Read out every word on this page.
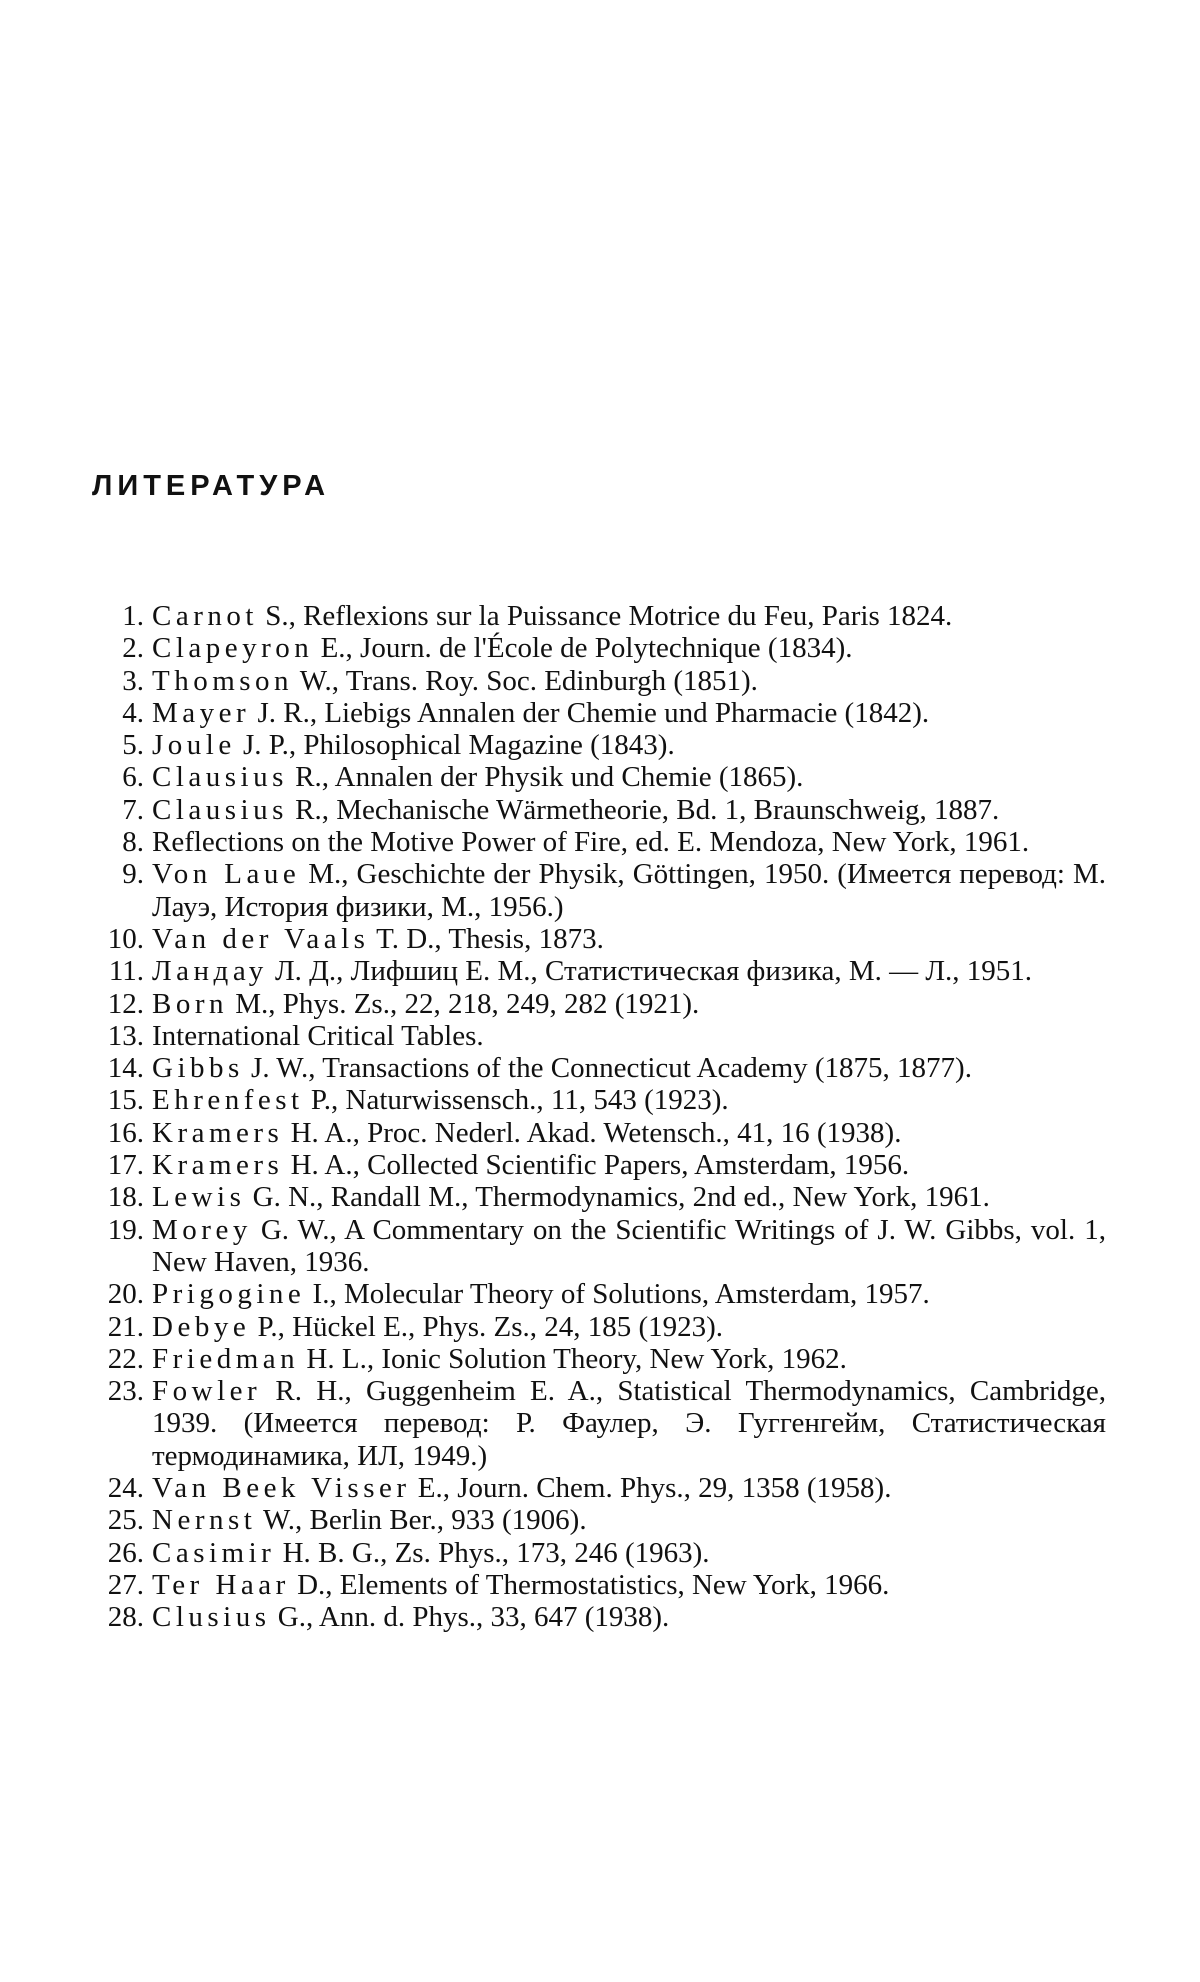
ЛИТЕРАТУРА
1. Carnot S., Reflexions sur la Puissance Motrice du Feu, Paris 1824.
2. Clapeyron E., Journ. de l'École de Polytechnique (1834).
3. Thomson W., Trans. Roy. Soc. Edinburgh (1851).
4. Mayer J. R., Liebigs Annalen der Chemie und Pharmacie (1842).
5. Joule J. P., Philosophical Magazine (1843).
6. Clausius R., Annalen der Physik und Chemie (1865).
7. Clausius R., Mechanische Wärmetheorie, Bd. 1, Braunschweig, 1887.
8. Reflections on the Motive Power of Fire, ed. E. Mendoza, New York, 1961.
9. Von Laue M., Geschichte der Physik, Göttingen, 1950. (Имеется перевод: М. Лауэ, История физики, М., 1956.)
10. Van der Vaals T. D., Thesis, 1873.
11. Ландау Л. Д., Лифшиц Е. М., Статистическая физика, М. — Л., 1951.
12. Born M., Phys. Zs., 22, 218, 249, 282 (1921).
13. International Critical Tables.
14. Gibbs J. W., Transactions of the Connecticut Academy (1875, 1877).
15. Ehrenfest P., Naturwissensch., 11, 543 (1923).
16. Kramers H. A., Proc. Nederl. Akad. Wetensch., 41, 16 (1938).
17. Kramers H. A., Collected Scientific Papers, Amsterdam, 1956.
18. Lewis G. N., Randall M., Thermodynamics, 2nd ed., New York, 1961.
19. Morey G. W., A Commentary on the Scientific Writings of J. W. Gibbs, vol. 1, New Haven, 1936.
20. Prigogine I., Molecular Theory of Solutions, Amsterdam, 1957.
21. Debye P., Hückel E., Phys. Zs., 24, 185 (1923).
22. Friedman H. L., Ionic Solution Theory, New York, 1962.
23. Fowler R. H., Guggenheim E. A., Statistical Thermodynamics, Cambridge, 1939. (Имеется перевод: Р. Фаулер, Э. Гуггенгейм, Статистическая термодинамика, ИЛ, 1949.)
24. Van Beek Visser E., Journ. Chem. Phys., 29, 1358 (1958).
25. Nernst W., Berlin Ber., 933 (1906).
26. Casimir H. B. G., Zs. Phys., 173, 246 (1963).
27. Ter Haar D., Elements of Thermostatistics, New York, 1966.
28. Clusius G., Ann. d. Phys., 33, 647 (1938).
